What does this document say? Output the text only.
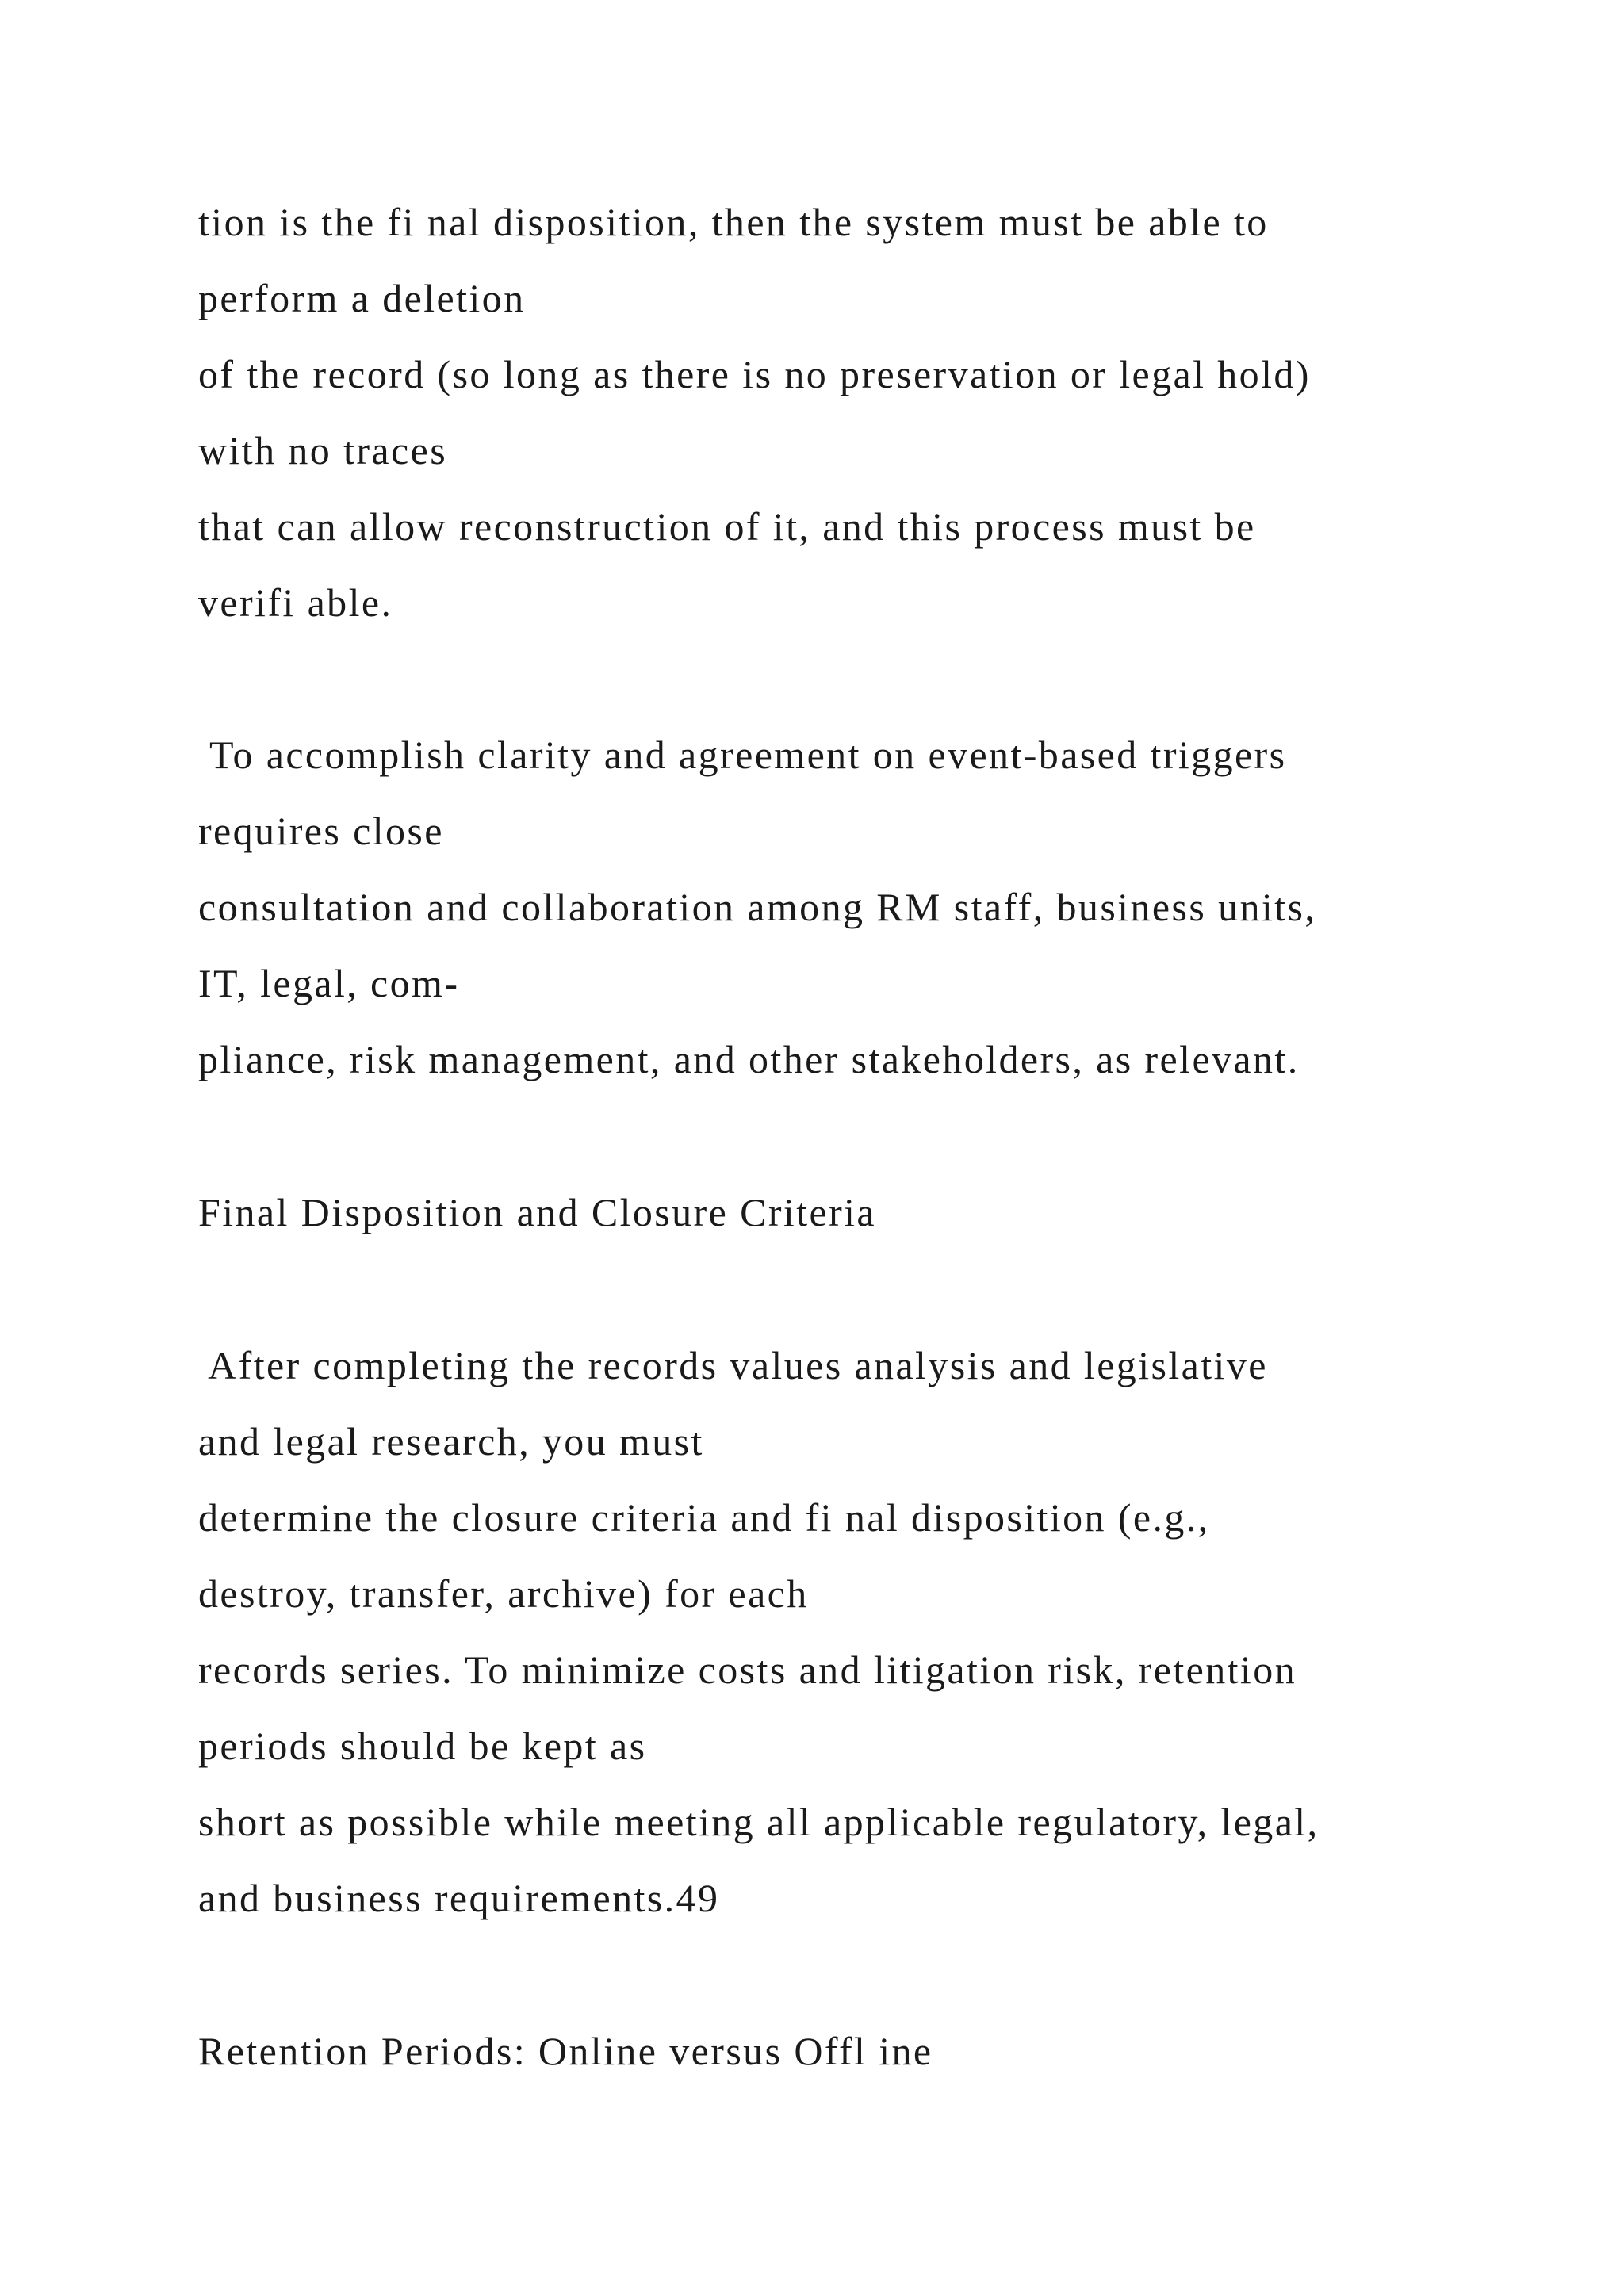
tion is the fi nal disposition, then the system must be able to

perform a deletion

of the record (so long as there is no preservation or legal hold)

with no traces

that can allow reconstruction of it, and this process must be

verifi able.

To accomplish clarity and agreement on event-based triggers

requires close

consultation and collaboration among RM staff, business units,

IT, legal, com-

pliance, risk management, and other stakeholders, as relevant.

Final Disposition and Closure Criteria

After completing the records values analysis and legislative

and legal research, you must

determine the closure criteria and fi nal disposition (e.g.,

destroy, transfer, archive) for each

records series. To minimize costs and litigation risk, retention

periods should be kept as

short as possible while meeting all applicable regulatory, legal,

and business requirements.49

Retention Periods: Online versus Offl ine
